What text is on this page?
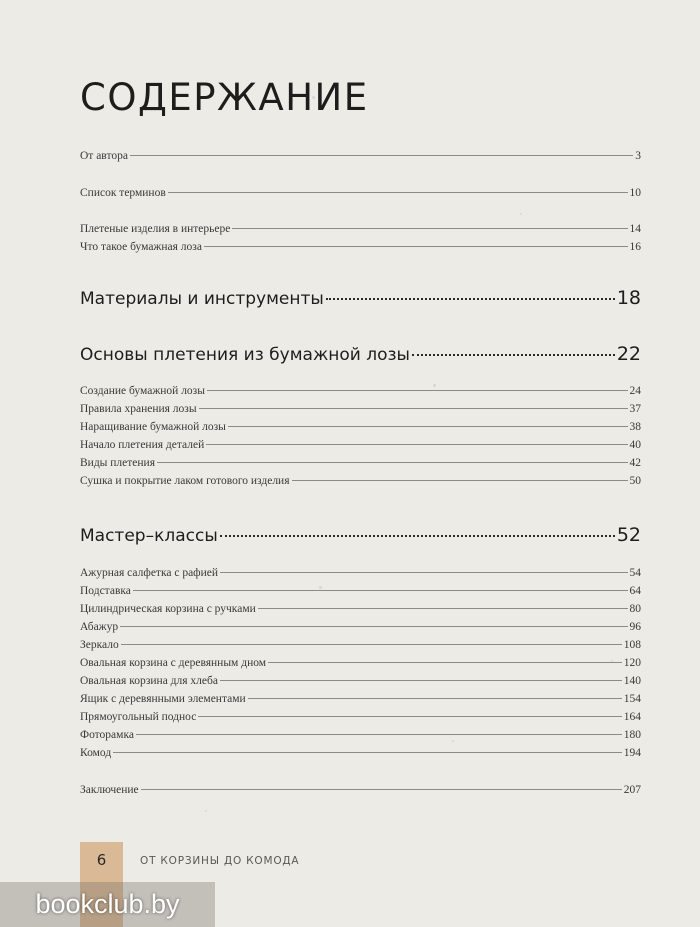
СОДЕРЖАНИЕ
От автора	3
Список терминов	10
Плетеные изделия в интерьере	14
Что такое бумажная лоза	16
Материалы и инструменты	18
Основы плетения из бумажной лозы	22
Создание бумажной лозы	24
Правила хранения лозы	37
Наращивание бумажной лозы	38
Начало плетения деталей	40
Виды плетения	42
Сушка и покрытие лаком готового изделия	50
Мастер–классы	52
Ажурная салфетка с рафией	54
Подставка	64
Цилиндрическая корзина с ручками	80
Абажур	96
Зеркало	108
Овальная корзина с деревянным дном	120
Овальная корзина для хлеба	140
Ящик с деревянными элементами	154
Прямоугольный поднос	164
Фоторамка	180
Комод	194
Заключение	207
6	ОТ КОРЗИНЫ ДО КОМОДА
bookclub.by
